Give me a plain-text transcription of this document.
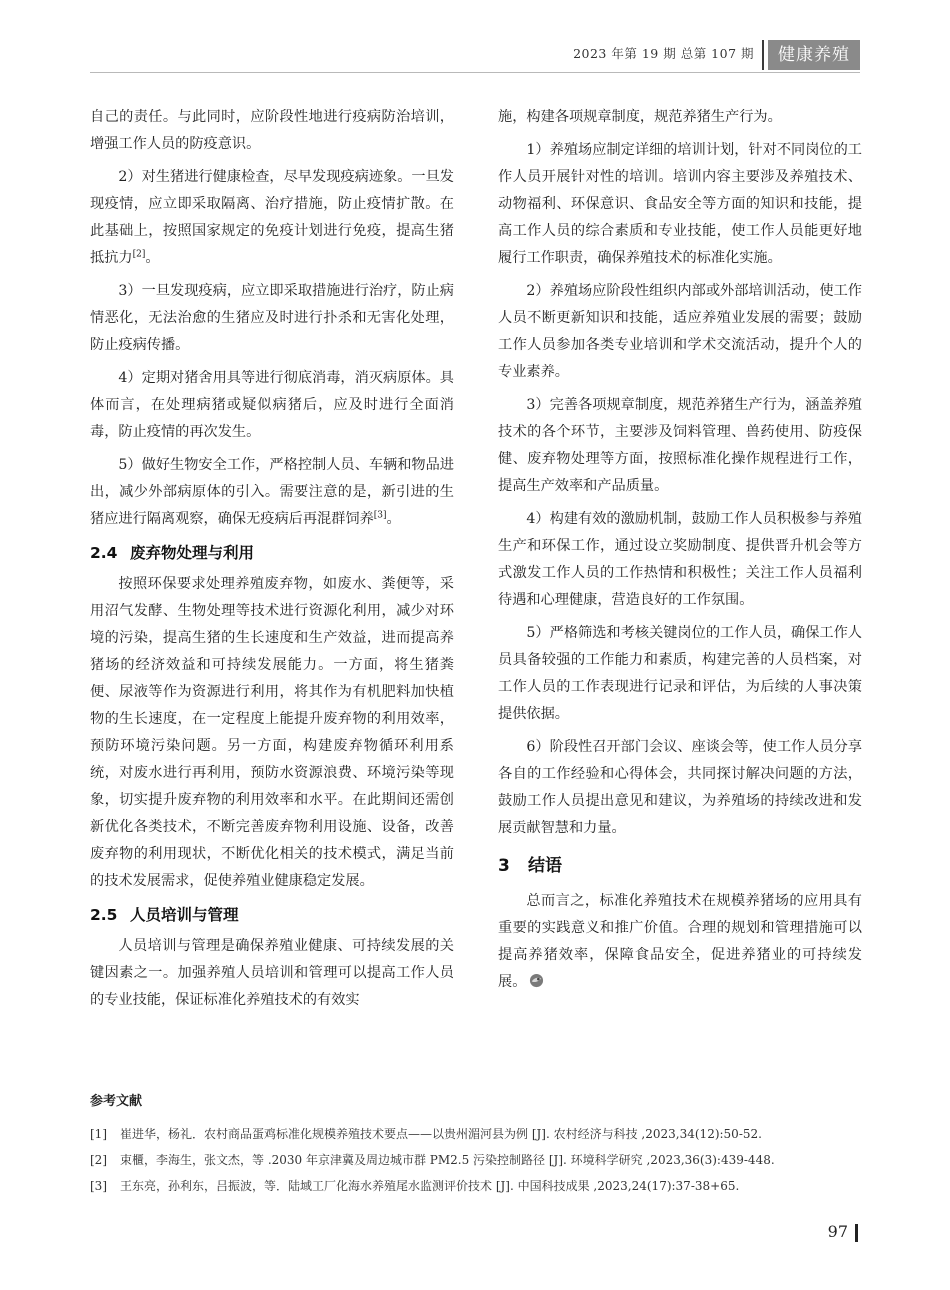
2023 年第 19 期 总第 107 期	健康养殖

自己的责任。与此同时，应阶段性地进行疫病防治培训，增强工作人员的防疫意识。

2）对生猪进行健康检查，尽早发现疫病迹象。一旦发现疫情，应立即采取隔离、治疗措施，防止疫情扩散。在此基础上，按照国家规定的免疫计划进行免疫，提高生猪抵抗力[2]。

3）一旦发现疫病，应立即采取措施进行治疗，防止病情恶化，无法治愈的生猪应及时进行扑杀和无害化处理，防止疫病传播。

4）定期对猪舍用具等进行彻底消毒，消灭病原体。具体而言，在处理病猪或疑似病猪后，应及时进行全面消毒，防止疫情的再次发生。

5）做好生物安全工作，严格控制人员、车辆和物品进出，减少外部病原体的引入。需要注意的是，新引进的生猪应进行隔离观察，确保无疫病后再混群饲养[3]。

2.4 废弃物处理与利用

按照环保要求处理养殖废弃物，如废水、粪便等，采用沼气发酵、生物处理等技术进行资源化利用，减少对环境的污染，提高生猪的生长速度和生产效益，进而提高养猪场的经济效益和可持续发展能力。一方面，将生猪粪便、尿液等作为资源进行利用，将其作为有机肥料加快植物的生长速度，在一定程度上能提升废弃物的利用效率，预防环境污染问题。另一方面，构建废弃物循环利用系统，对废水进行再利用，预防水资源浪费、环境污染等现象，切实提升废弃物的利用效率和水平。在此期间还需创新优化各类技术，不断完善废弃物利用设施、设备，改善废弃物的利用现状，不断优化相关的技术模式，满足当前的技术发展需求，促使养殖业健康稳定发展。

2.5 人员培训与管理

人员培训与管理是确保养殖业健康、可持续发展的关键因素之一。加强养殖人员培训和管理可以提高工作人员的专业技能，保证标准化养殖技术的有效实

施，构建各项规章制度，规范养猪生产行为。

1）养殖场应制定详细的培训计划，针对不同岗位的工作人员开展针对性的培训。培训内容主要涉及养殖技术、动物福利、环保意识、食品安全等方面的知识和技能，提高工作人员的综合素质和专业技能，使工作人员能更好地履行工作职责，确保养殖技术的标准化实施。

2）养殖场应阶段性组织内部或外部培训活动，使工作人员不断更新知识和技能，适应养殖业发展的需要；鼓励工作人员参加各类专业培训和学术交流活动，提升个人的专业素养。

3）完善各项规章制度，规范养猪生产行为，涵盖养殖技术的各个环节，主要涉及饲料管理、兽药使用、防疫保健、废弃物处理等方面，按照标准化操作规程进行工作，提高生产效率和产品质量。

4）构建有效的激励机制，鼓励工作人员积极参与养殖生产和环保工作，通过设立奖励制度、提供晋升机会等方式激发工作人员的工作热情和积极性；关注工作人员福利待遇和心理健康，营造良好的工作氛围。

5）严格筛选和考核关键岗位的工作人员，确保工作人员具备较强的工作能力和素质，构建完善的人员档案，对工作人员的工作表现进行记录和评估，为后续的人事决策提供依据。

6）阶段性召开部门会议、座谈会等，使工作人员分享各自的工作经验和心得体会，共同探讨解决问题的方法，鼓励工作人员提出意见和建议，为养殖场的持续改进和发展贡献智慧和力量。

3 结语

总而言之，标准化养殖技术在规模养猪场的应用具有重要的实践意义和推广价值。合理的规划和管理措施可以提高养猪效率，保障食品安全，促进养猪业的可持续发展。

参考文献
[1] 崔进华，杨礼．农村商品蛋鸡标准化规模养殖技术要点——以贵州湄河县为例 [J]. 农村经济与科技 ,2023,34(12):50-52.
[2] 束櫃，李海生，张文杰，等 .2030 年京津冀及周边城市群 PM2.5 污染控制路径 [J]. 环境科学研究 ,2023,36(3):439-448.
[3] 王东亮，孙利东，吕振波，等．陆域工厂化海水养殖尾水监测评价技术 [J]. 中国科技成果 ,2023,24(17):37-38+65.
97
